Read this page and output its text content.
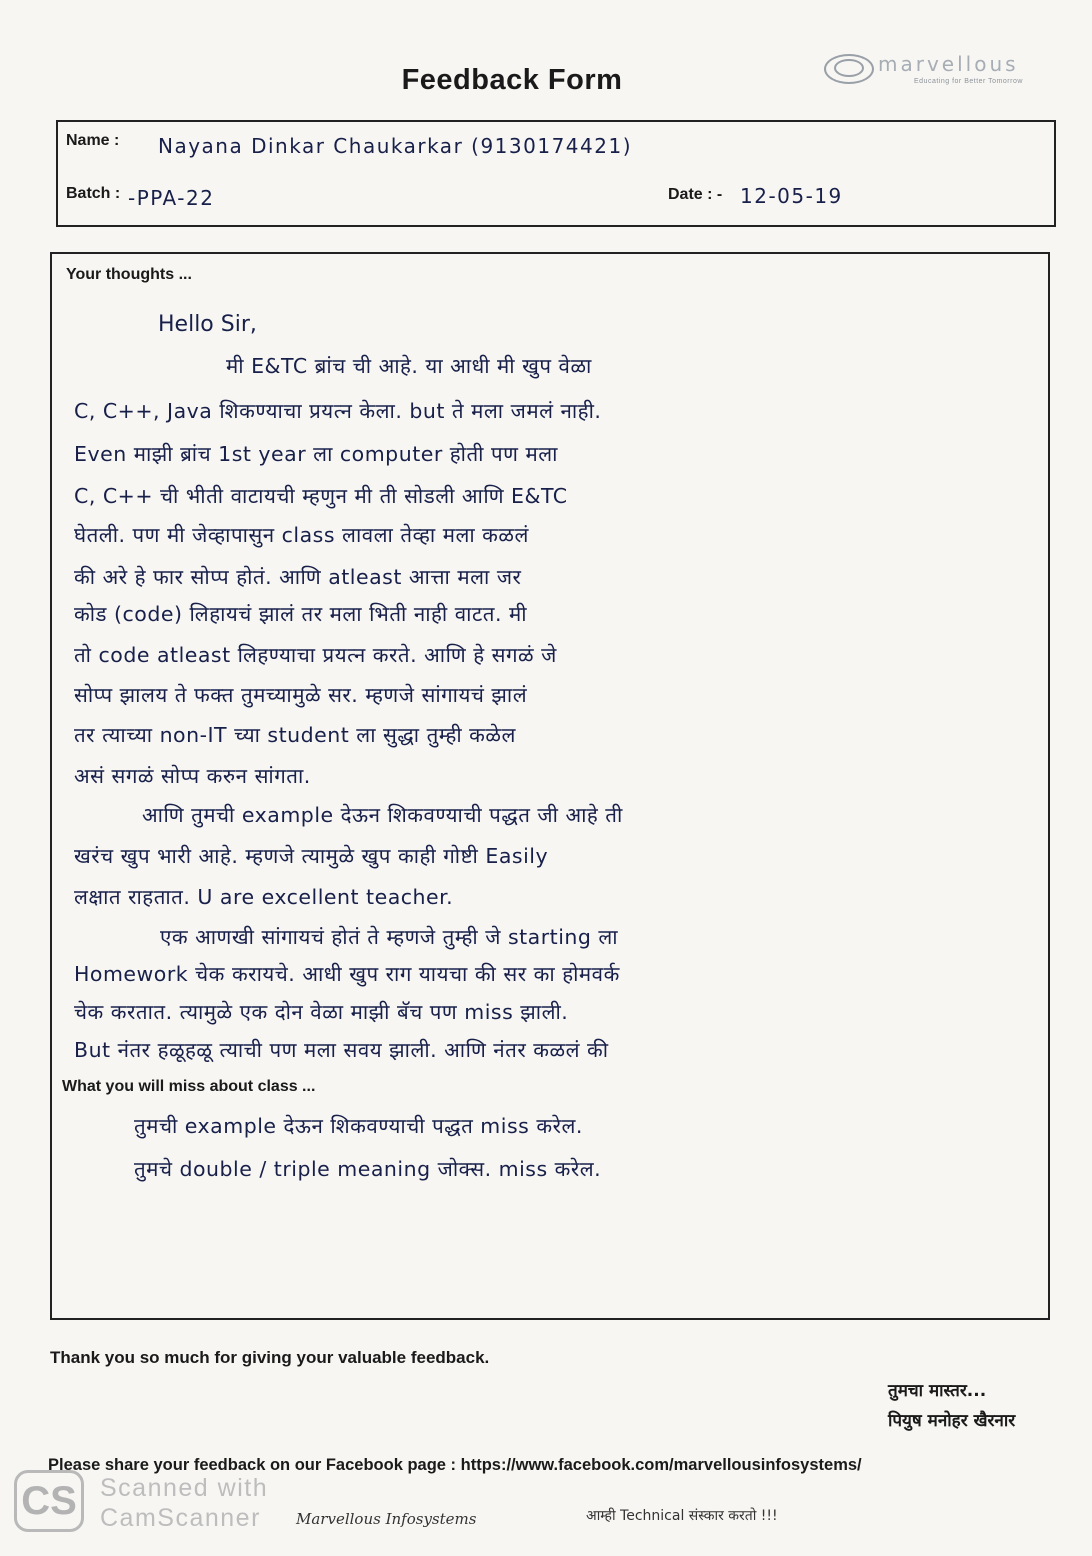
Feedback Form	marvellous
Educating for Better Tomorrow
Name : Nayana Dinkar Chaukarkar (9130174421)
Batch : -PPA-22	Date : - 12-05-19
Your thoughts ...
Hello Sir,
मी E&TC ब्रांच ची आहे. या आधी मी खुप वेळा
C, C++, Java शिकण्याचा प्रयत्न केला. but ते मला जमलं नाही.
Even माझी ब्रांच 1st year ला computer होती पण मला
C, C++ ची भीती वाटायची म्हणुन मी ती सोडली आणि E&TC
घेतली. पण मी जेव्हापासुन class लावला तेव्हा मला कळलं
की अरे हे फार सोप्प होतं. आणि atleast आत्ता मला जर
कोड (code) लिहायचं झालं तर मला भिती नाही वाटत. मी
तो code atleast लिहण्याचा प्रयत्न करते. आणि हे सगळं जे
सोप्प झालय ते फक्त तुमच्यामुळे सर. म्हणजे सांगायचं झालं
तर त्याच्या non-IT च्या student ला सुद्धा तुम्ही कळेल
असं सगळं सोप्प करुन सांगता.
आणि तुमची example देऊन शिकवण्याची पद्धत जी आहे ती
खरंच खुप भारी आहे. म्हणजे त्यामुळे खुप काही गोष्टी Easily
लक्षात राहतात. U are excellent teacher.
एक आणखी सांगायचं होतं ते म्हणजे तुम्ही जे starting ला
Homework चेक करायचे. आधी खुप राग यायचा की सर का होमवर्क
चेक करतात. त्यामुळे एक दोन वेळा माझी बॅच पण miss झाली.
But नंतर हळूहळू त्याची पण मला सवय झाली. आणि नंतर कळलं की
What you will miss about class ...
तुमची example देऊन शिकवण्याची पद्धत miss करेल.
तुमचे double / triple meaning जोक्स. miss करेल.
Thank you so much for giving your valuable feedback.
तुमचा मास्तर...
पियुष मनोहर खैरनार
Please share your feedback on our Facebook page : https://www.facebook.com/marvellousinfosystems/
CS Scanned with
CamScanner Marvellous Infosystems	आम्ही Technical संस्कार करतो !!!
